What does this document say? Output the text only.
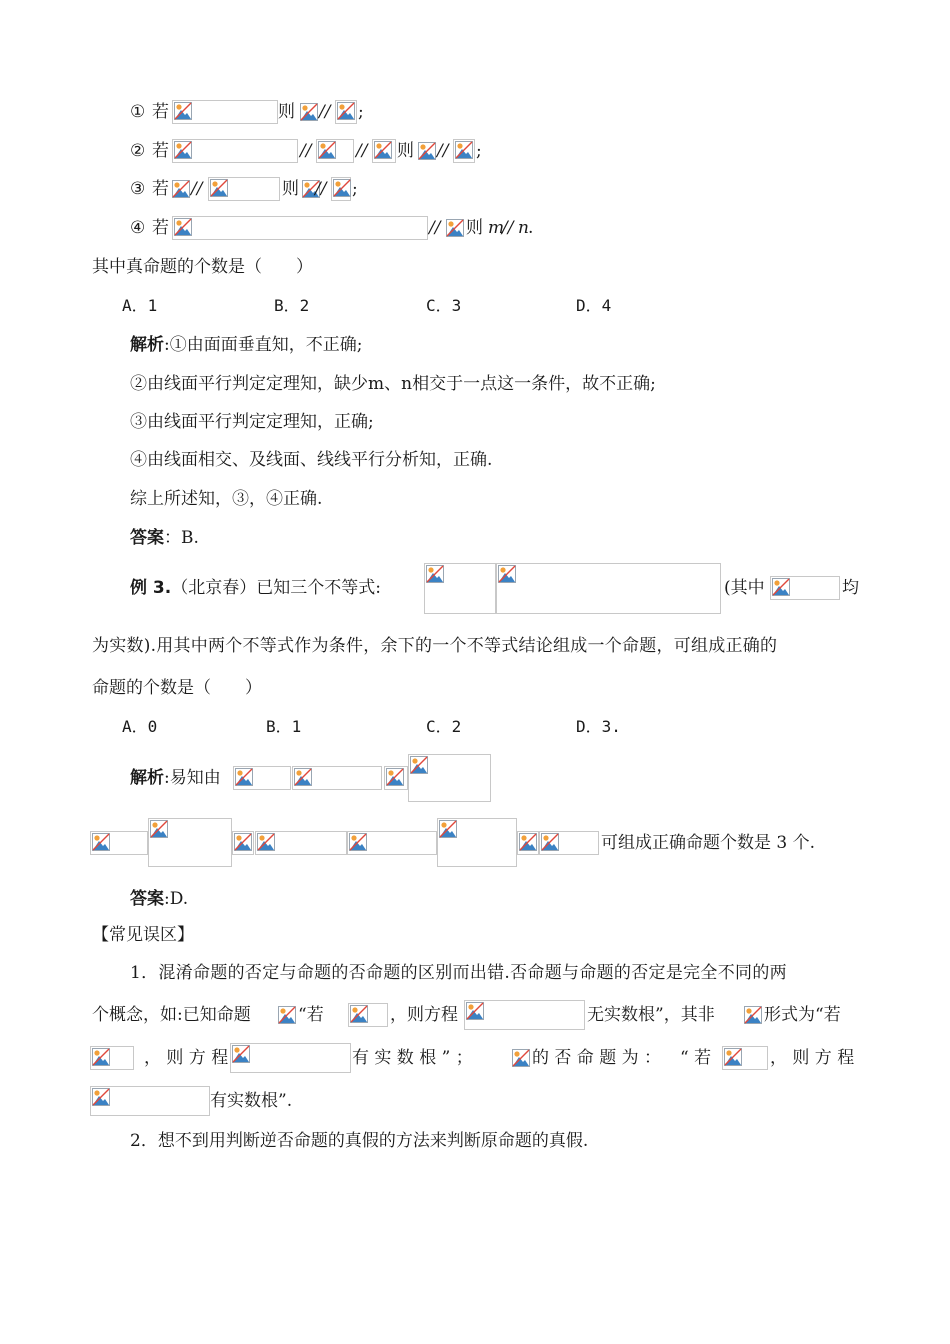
① 若	则 // ;
② 若	//	// 则 // ;
③ 若 //	则 // ;
④ 若	// 则 m
// n .
其中真命题的个数是（　　）
A．1	B．2	C．3	D．4
解析:①由面面垂直知，不正确;
②由线面平行判定定理知，缺少m、n相交于一点这一条件，故不正确;
③由线面平行判定定理知，正确;
④由线面相交、及线面、线线平行分析知，正确.
综上所述知，③，④正确.
答案：B.
例 3.（北京春）已知三个不等式:	(其中	均
为实数).用其中两个不等式作为条件，余下的一个不等式结论组成一个命题，可组成正确的
命题的个数是（　　）
A．0	B．1	C．2	D．3.
解析:易知由
可组成正确命题个数是 3 个.
答案:D.
【常见误区】
1．混淆命题的否定与命题的否命题的区别而出错.否命题与命题的否定是完全不同的两
个概念，如:已知命题	“若	，则方程	无实数根”，其非	形式为“若
， 则 方 程	有 实 数 根 ” ；	的 否 命 题 为 ： “ 若	， 则 方 程
有实数根”.
2．想不到用判断逆否命题的真假的方法来判断原命题的真假.
